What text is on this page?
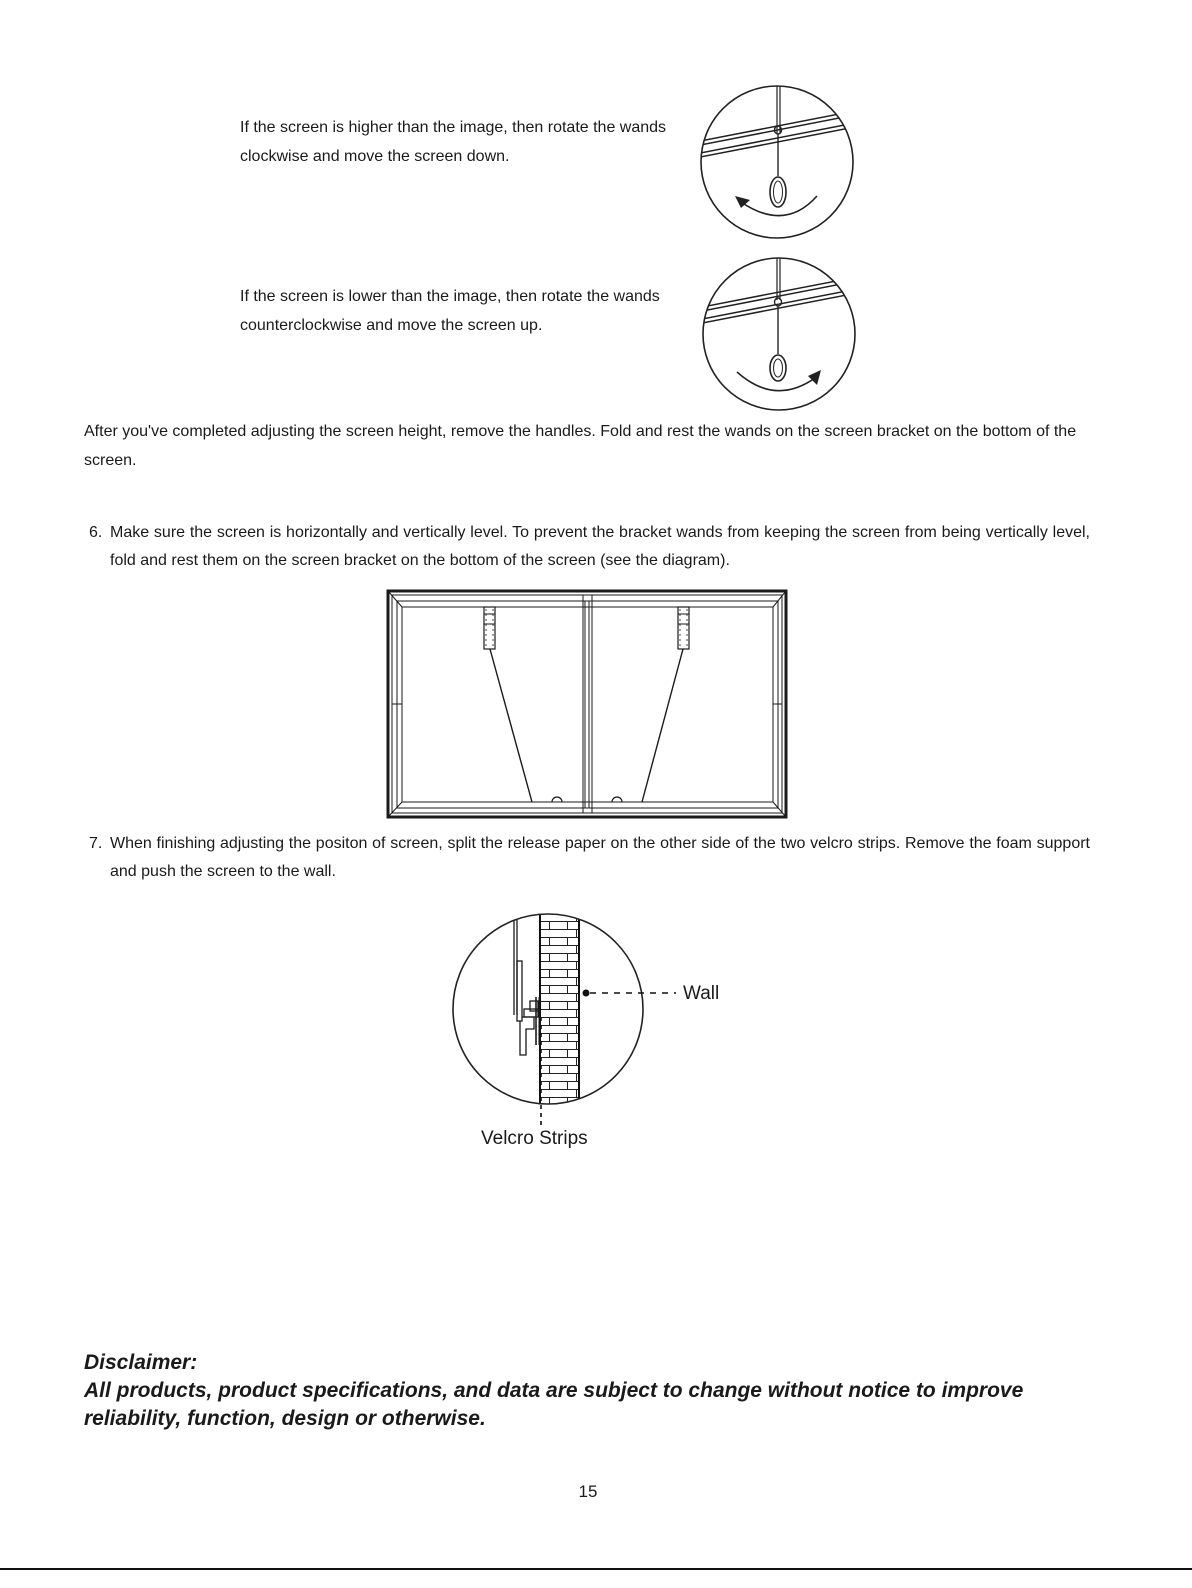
If the screen is higher than the image, then rotate the wands clockwise and move the screen down.

If the screen is lower than the image, then rotate the wands counterclockwise and move the screen up.

After you've completed adjusting the screen height, remove the handles. Fold and rest the wands on the screen bracket on the bottom of the screen.

6. Make sure the screen is horizontally and vertically level. To prevent the bracket wands from keeping the screen from being vertically level, fold and rest them on the screen bracket on the bottom of the screen (see the diagram).

7. When finishing adjusting the positon of screen, split the release paper on the other side of the two velcro strips. Remove the foam support and push the screen to the wall.

Wall
Velcro Strips

Disclaimer:

All products, product specifications, and data are subject to change without notice to improve reliability, function, design or otherwise.

15
